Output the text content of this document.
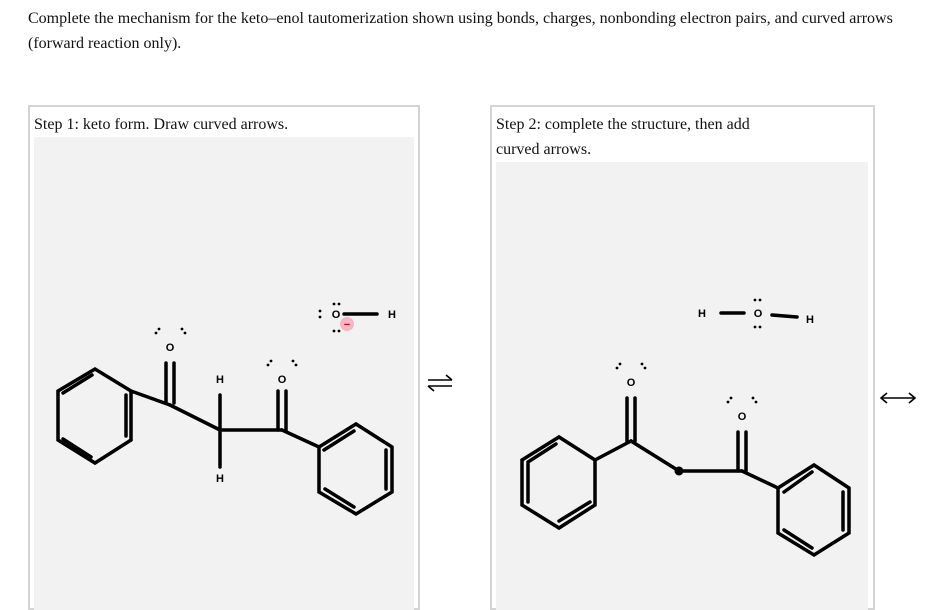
Complete the mechanism for the keto–enol tautomerization shown using bonds, charges, nonbonding electron pairs, and curved arrows (forward reaction only).
Step 1: keto form. Draw curved arrows.
O
H
H
O
O	H
−
Step 2: complete the structure, then add curved arrows.
O
O
H	O	H
